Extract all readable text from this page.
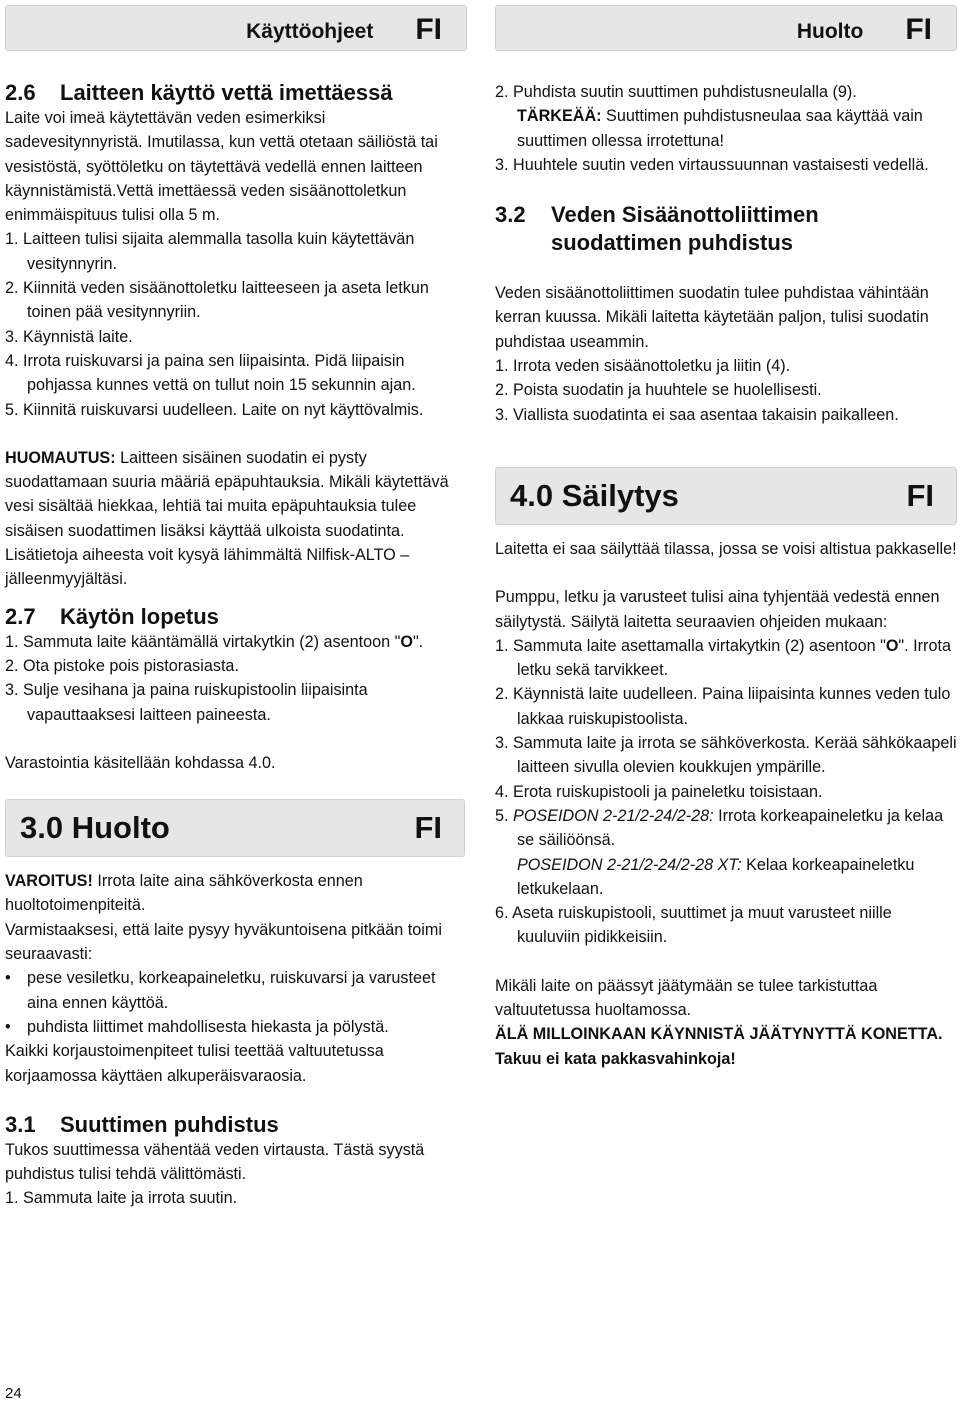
Käyttöohjeet FI	Huolto FI
2.6 Laitteen käyttö vettä imettäessä

Laite voi imeä käytettävän veden esimerkiksi sadevesitynnyristä. Imutilassa, kun vettä otetaan säiliöstä tai vesistöstä, syöttöletku on täytettävä vedellä ennen laitteen käynnistämistä.Vettä imettäessä veden sisäänottoletkun enimmäispituus tulisi olla 5 m.

1. Laitteen tulisi sijaita alemmalla tasolla kuin käytettävän vesitynnyrin.

2. Kiinnitä veden sisäänottoletku laitteeseen ja aseta letkun toinen pää vesitynnyriin.

3. Käynnistä laite.

4. Irrota ruiskuvarsi ja paina sen liipaisinta. Pidä liipaisin pohjassa kunnes vettä on tullut noin 15 sekunnin ajan.

5. Kiinnitä ruiskuvarsi uudelleen. Laite on nyt käyttövalmis.

HUOMAUTUS: Laitteen sisäinen suodatin ei pysty suodattamaan suuria määriä epäpuhtauksia. Mikäli käytettävä vesi sisältää hiekkaa, lehtiä tai muita epäpuhtauksia tulee sisäisen suodattimen lisäksi käyttää ulkoista suodatinta. Lisätietoja aiheesta voit kysyä lähimmältä Nilfisk-ALTO –jälleenmyyjältäsi.

2.7 Käytön lopetus

1. Sammuta laite kääntämällä virtakytkin (2) asentoon "O".

2. Ota pistoke pois pistorasiasta.

3. Sulje vesihana ja paina ruiskupistoolin liipaisinta vapauttaaksesi laitteen paineesta.

Varastointia käsitellään kohdassa 4.0.

3.0 Huolto	FI

VAROITUS! Irrota laite aina sähköverkosta ennen huoltotoimenpiteitä.

Varmistaaksesi, että laite pysyy hyväkuntoisena pitkään toimi seuraavasti:

• pese vesiletku, korkeapaineletku, ruiskuvarsi ja varusteet aina ennen käyttöä.

• puhdista liittimet mahdollisesta hiekasta ja pölystä.

Kaikki korjaustoimenpiteet tulisi teettää valtuutetussa korjaamossa käyttäen alkuperäisvaraosia.

3.1 Suuttimen puhdistus

Tukos suuttimessa vähentää veden virtausta. Tästä syystä puhdistus tulisi tehdä välittömästi.

1. Sammuta laite ja irrota suutin.

2. Puhdista suutin suuttimen puhdistusneulalla (9).

TÄRKEÄÄ: Suuttimen puhdistusneulaa saa käyttää vain suuttimen ollessa irrotettuna!

3. Huuhtele suutin veden virtaussuunnan vastaisesti vedellä.

3.2	Veden Sisäänottoliittimen suodattimen puhdistus

Veden sisäänottoliittimen suodatin tulee puhdistaa vähintään kerran kuussa. Mikäli laitetta käytetään paljon, tulisi suodatin puhdistaa useammin.

1. Irrota veden sisäänottoletku ja liitin (4).

2. Poista suodatin ja huuhtele se huolellisesti.

3. Viallista suodatinta ei saa asentaa takaisin paikalleen.

4.0 Säilytys	FI

Laitetta ei saa säilyttää tilassa, jossa se voisi altistua pakkaselle!

Pumppu, letku ja varusteet tulisi aina tyhjentää vedestä ennen säilytystä. Säilytä laitetta seuraavien ohjeiden mukaan:

1. Sammuta laite asettamalla virtakytkin (2) asentoon "O". Irrota letku sekä tarvikkeet.

2. Käynnistä laite uudelleen. Paina liipaisinta kunnes veden tulo lakkaa ruiskupistoolista.

3. Sammuta laite ja irrota se sähköverkosta. Kerää sähkökaapeli laitteen sivulla olevien koukkujen ympärille.

4. Erota ruiskupistooli ja paineletku toisistaan.

5. POSEIDON 2-21/2-24/2-28: Irrota korkeapaineletku ja kelaa se säiliöönsä.

POSEIDON 2-21/2-24/2-28 XT: Kelaa korkeapaineletku letkukelaan.

6. Aseta ruiskupistooli, suuttimet ja muut varusteet niille kuuluviin pidikkeisiin.

Mikäli laite on päässyt jäätymään se tulee tarkistuttaa valtuutetussa huoltamossa.

ÄLÄ MILLOINKAAN KÄYNNISTÄ JÄÄTYNYTTÄ KONETTA. Takuu ei kata pakkasvahinkoja!

24
